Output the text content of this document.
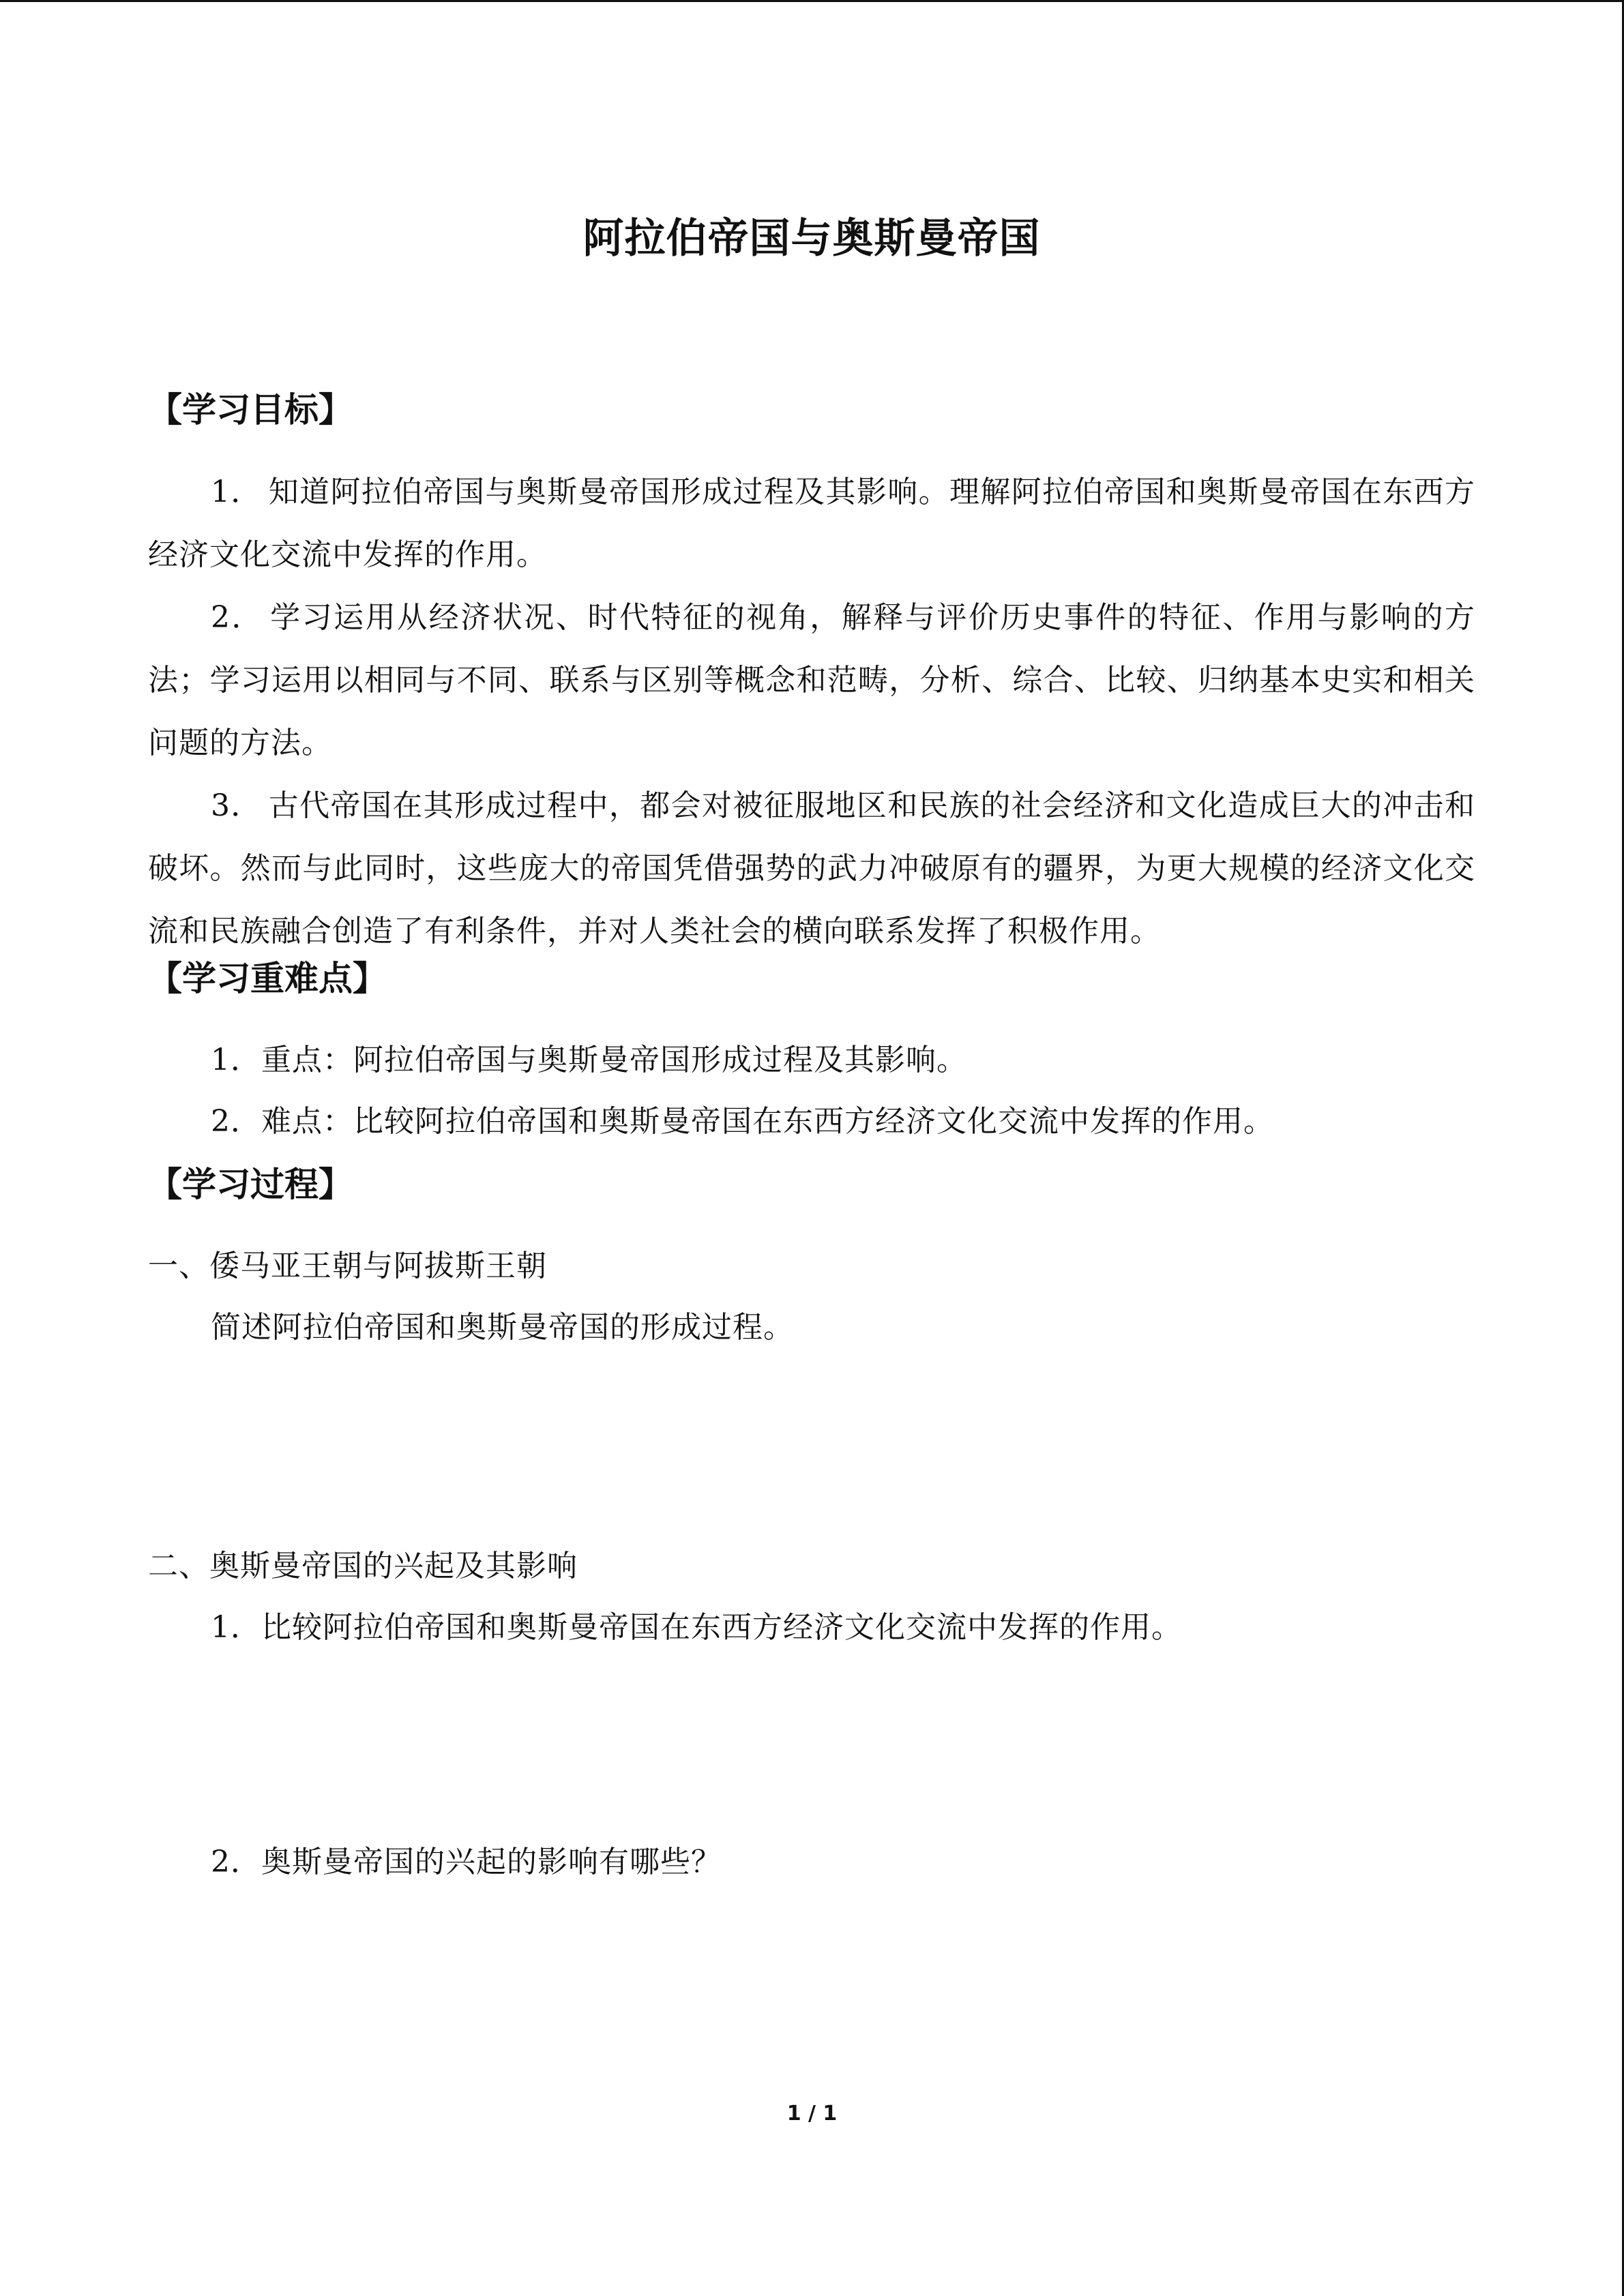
阿拉伯帝国与奥斯曼帝国
【学习目标】
1． 知道阿拉伯帝国与奥斯曼帝国形成过程及其影响。理解阿拉伯帝国和奥斯曼帝国在东西方经济文化交流中发挥的作用。
2． 学习运用从经济状况、时代特征的视角，解释与评价历史事件的特征、作用与影响的方法；学习运用以相同与不同、联系与区别等概念和范畴，分析、综合、比较、归纳基本史实和相关问题的方法。
3． 古代帝国在其形成过程中，都会对被征服地区和民族的社会经济和文化造成巨大的冲击和破坏。然而与此同时，这些庞大的帝国凭借强势的武力冲破原有的疆界，为更大规模的经济文化交流和民族融合创造了有利条件，并对人类社会的横向联系发挥了积极作用。
【学习重难点】
1．重点：阿拉伯帝国与奥斯曼帝国形成过程及其影响。
2．难点：比较阿拉伯帝国和奥斯曼帝国在东西方经济文化交流中发挥的作用。
【学习过程】
一、倭马亚王朝与阿拔斯王朝
简述阿拉伯帝国和奥斯曼帝国的形成过程。
二、奥斯曼帝国的兴起及其影响
1．比较阿拉伯帝国和奥斯曼帝国在东西方经济文化交流中发挥的作用。
2．奥斯曼帝国的兴起的影响有哪些？
1 / 1
